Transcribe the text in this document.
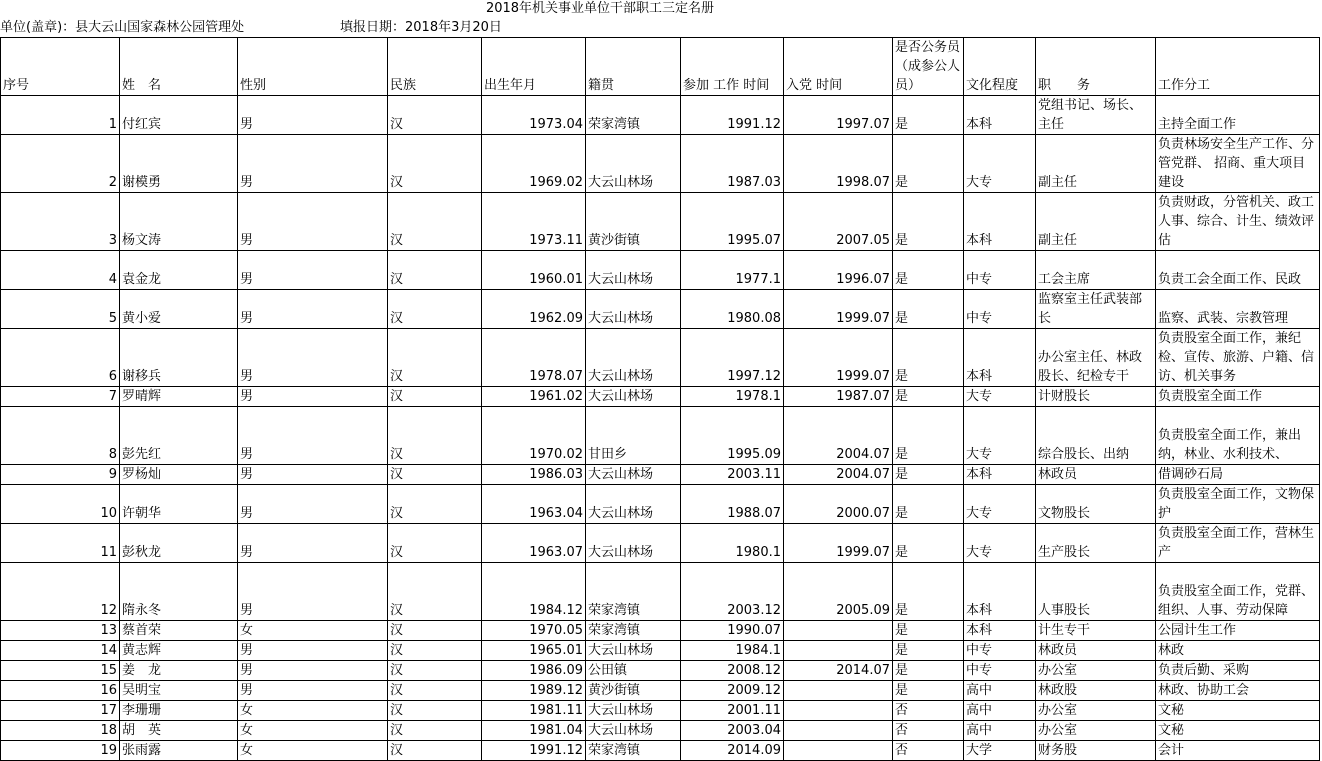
2018年机关事业单位干部职工三定名册
单位(盖章)：县大云山国家森林公园管理处	填报日期：2018年3月20日
序号	姓　名	性别	民族	出生年月	籍贯	参加 工作 时间	入党 时间	是否公务员（成参公人员）	文化程度	职　　务	工作分工
1	付红宾	男	汉	1973.04	荣家湾镇	1991.12	1997.07	是	本科	党组书记、场长、主任	主持全面工作
2	谢模勇	男	汉	1969.02	大云山林场	1987.03	1998.07	是	大专	副主任	负责林场安全生产工作、分管党群、 招商、重大项目建设
3	杨文涛	男	汉	1973.11	黄沙街镇	1995.07	2007.05	是	本科	副主任	负责财政，分管机关、政工人事、综合、计生、绩效评估
4	袁金龙	男	汉	1960.01	大云山林场	1977.1	1996.07	是	中专	工会主席	负责工会全面工作、民政
5	黄小爱	男	汉	1962.09	大云山林场	1980.08	1999.07	是	中专	监察室主任武装部长	监察、武装、宗教管理
6	谢移兵	男	汉	1978.07	大云山林场	1997.12	1999.07	是	本科	办公室主任、林政股长、纪检专干	负责股室全面工作，兼纪检、宣传、旅游、户籍、信访、机关事务
7	罗晴辉	男	汉	1961.02	大云山林场	1978.1	1987.07	是	大专	计财股长	负责股室全面工作
8	彭先红	男	汉	1970.02	甘田乡	1995.09	2004.07	是	大专	综合股长、出纳	负责股室全面工作，兼出纳，林业、水利技术、
9	罗杨灿	男	汉	1986.03	大云山林场	2003.11	2004.07	是	本科	林政员	借调砂石局
10	许朝华	男	汉	1963.04	大云山林场	1988.07	2000.07	是	大专	文物股长	负责股室全面工作，文物保护
11	彭秋龙	男	汉	1963.07	大云山林场	1980.1	1999.07	是	大专	生产股长	负责股室全面工作，营林生产
12	隋永冬	男	汉	1984.12	荣家湾镇	2003.12	2005.09	是	本科	人事股长	负责股室全面工作，党群、组织、人事、劳动保障
13	蔡首荣	女	汉	1970.05	荣家湾镇	1990.07		是	本科	计生专干	公园计生工作
14	黄志辉	男	汉	1965.01	大云山林场	1984.1		是	中专	林政员	林政
15	姜　龙	男	汉	1986.09	公田镇	2008.12	2014.07	是	中专	办公室	负责后勤、采购
16	吴明宝	男	汉	1989.12	黄沙街镇	2009.12		是	高中	林政股	林政、协助工会
17	李珊珊	女	汉	1981.11	大云山林场	2001.11		否	高中	办公室	文秘
18	胡　英	女	汉	1981.04	大云山林场	2003.04		否	高中	办公室	文秘
19	张雨露	女	汉	1991.12	荣家湾镇	2014.09		否	大学	财务股	会计
